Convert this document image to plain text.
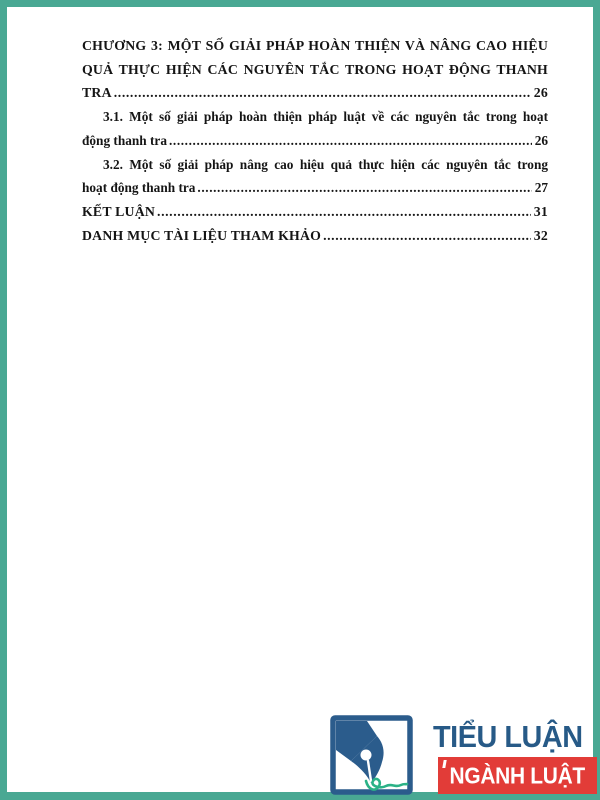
CHƯƠNG 3: MỘT SỐ GIẢI PHÁP HOÀN THIỆN VÀ NÂNG CAO HIỆU
QUẢ THỰC HIỆN CÁC NGUYÊN TẮC TRONG HOẠT ĐỘNG THANH
TRA .....	26
3.1. Một số giải pháp hoàn thiện pháp luật về các nguyên tắc trong hoạt
động thanh tra .....	26
3.2. Một số giải pháp nâng cao hiệu quả thực hiện các nguyên tắc trong
hoạt động thanh tra .....	27
KẾT LUẬN .....	31
DANH MỤC TÀI LIỆU THAM KHẢO .....	32
TIỂU LUẬN
NGÀNH LUẬT
